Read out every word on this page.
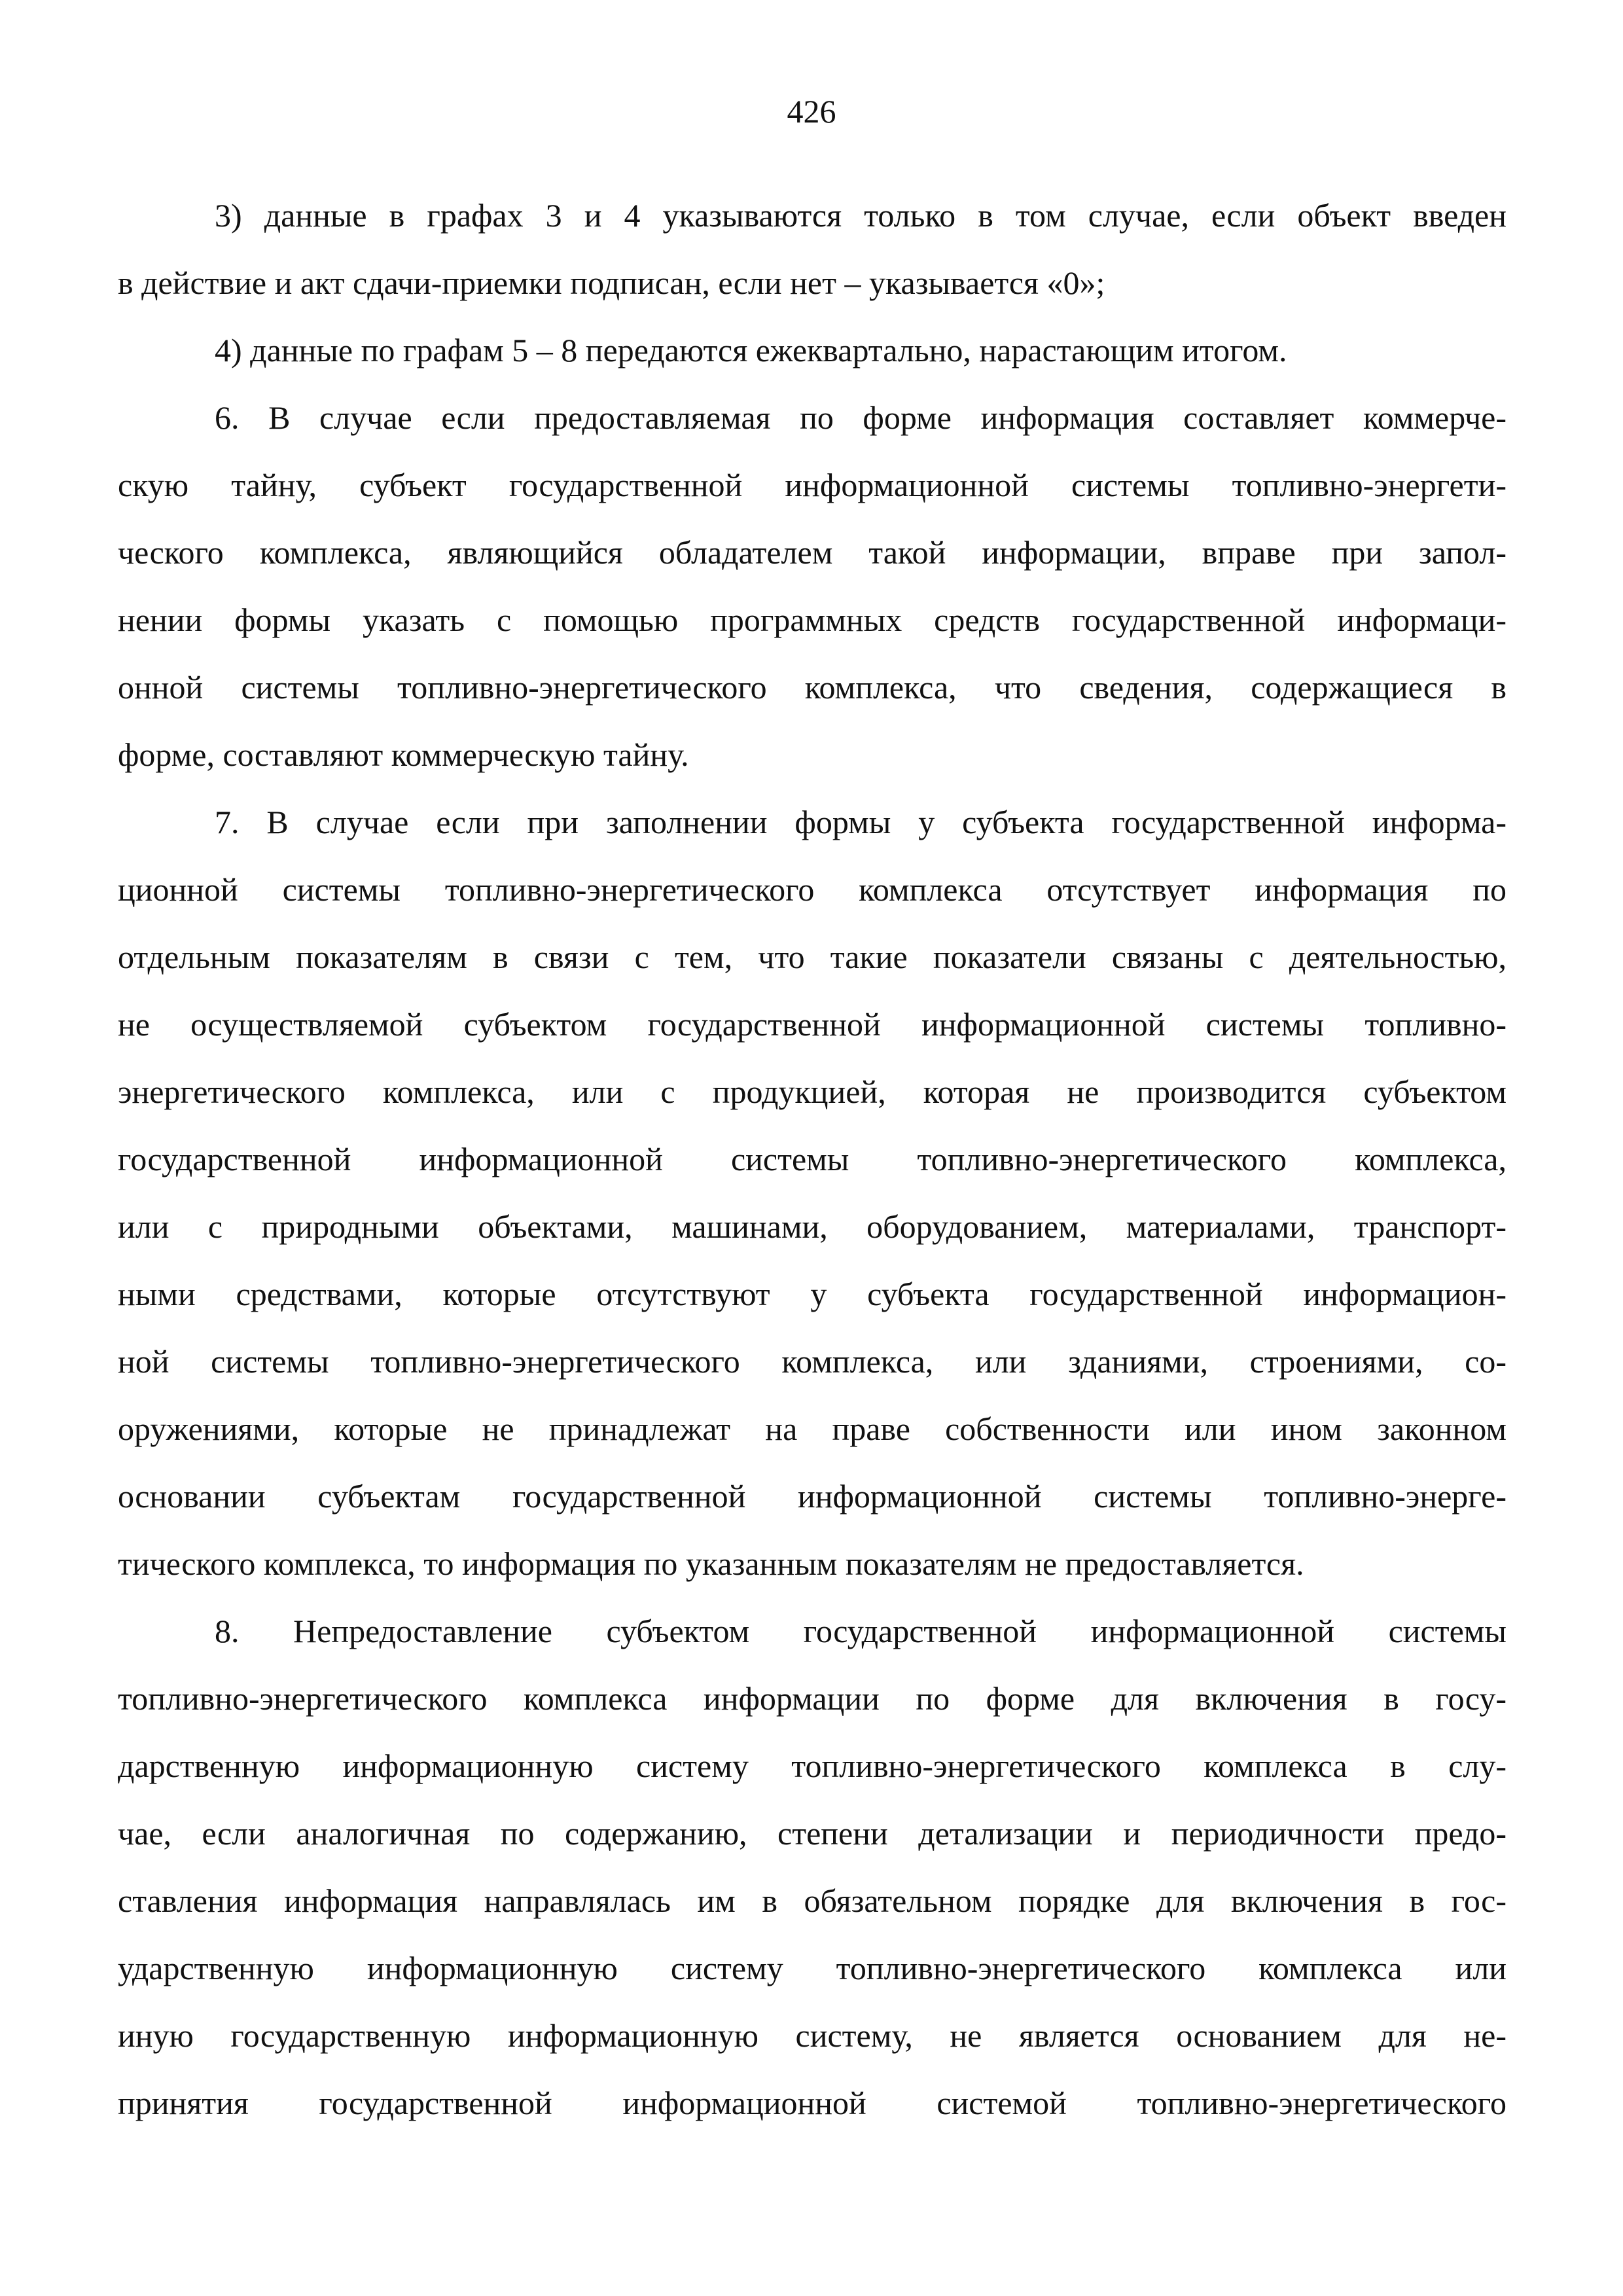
426
3) данные в графах 3 и 4 указываются только в том случае, если объект введен
в действие и акт сдачи-приемки подписан, если нет – указывается «0»;
4) данные по графам 5 – 8 передаются ежеквартально, нарастающим итогом.
6. В случае если предоставляемая по форме информация составляет коммерче-
скую тайну, субъект государственной информационной системы топливно-энергети-
ческого комплекса, являющийся обладателем такой информации, вправе при запол-
нении формы указать с помощью программных средств государственной информаци-
онной системы топливно-энергетического комплекса, что сведения, содержащиеся в
форме, составляют коммерческую тайну.
7. В случае если при заполнении формы у субъекта государственной информа-
ционной системы топливно-энергетического комплекса отсутствует информация по
отдельным показателям в связи с тем, что такие показатели связаны с деятельностью,
не осуществляемой субъектом государственной информационной системы топливно-
энергетического комплекса, или с продукцией, которая не производится субъектом
государственной информационной системы топливно-энергетического комплекса,
или с природными объектами, машинами, оборудованием, материалами, транспорт-
ными средствами, которые отсутствуют у субъекта государственной информацион-
ной системы топливно-энергетического комплекса, или зданиями, строениями, со-
оружениями, которые не принадлежат на праве собственности или ином законном
основании субъектам государственной информационной системы топливно-энерге-
тического комплекса, то информация по указанным показателям не предоставляется.
8. Непредоставление субъектом государственной информационной системы
топливно-энергетического комплекса информации по форме для включения в госу-
дарственную информационную систему топливно-энергетического комплекса в слу-
чае, если аналогичная по содержанию, степени детализации и периодичности предо-
ставления информация направлялась им в обязательном порядке для включения в гос-
ударственную информационную систему топливно-энергетического комплекса или
иную государственную информационную систему, не является основанием для не-
принятия государственной информационной системой топливно-энергетического
